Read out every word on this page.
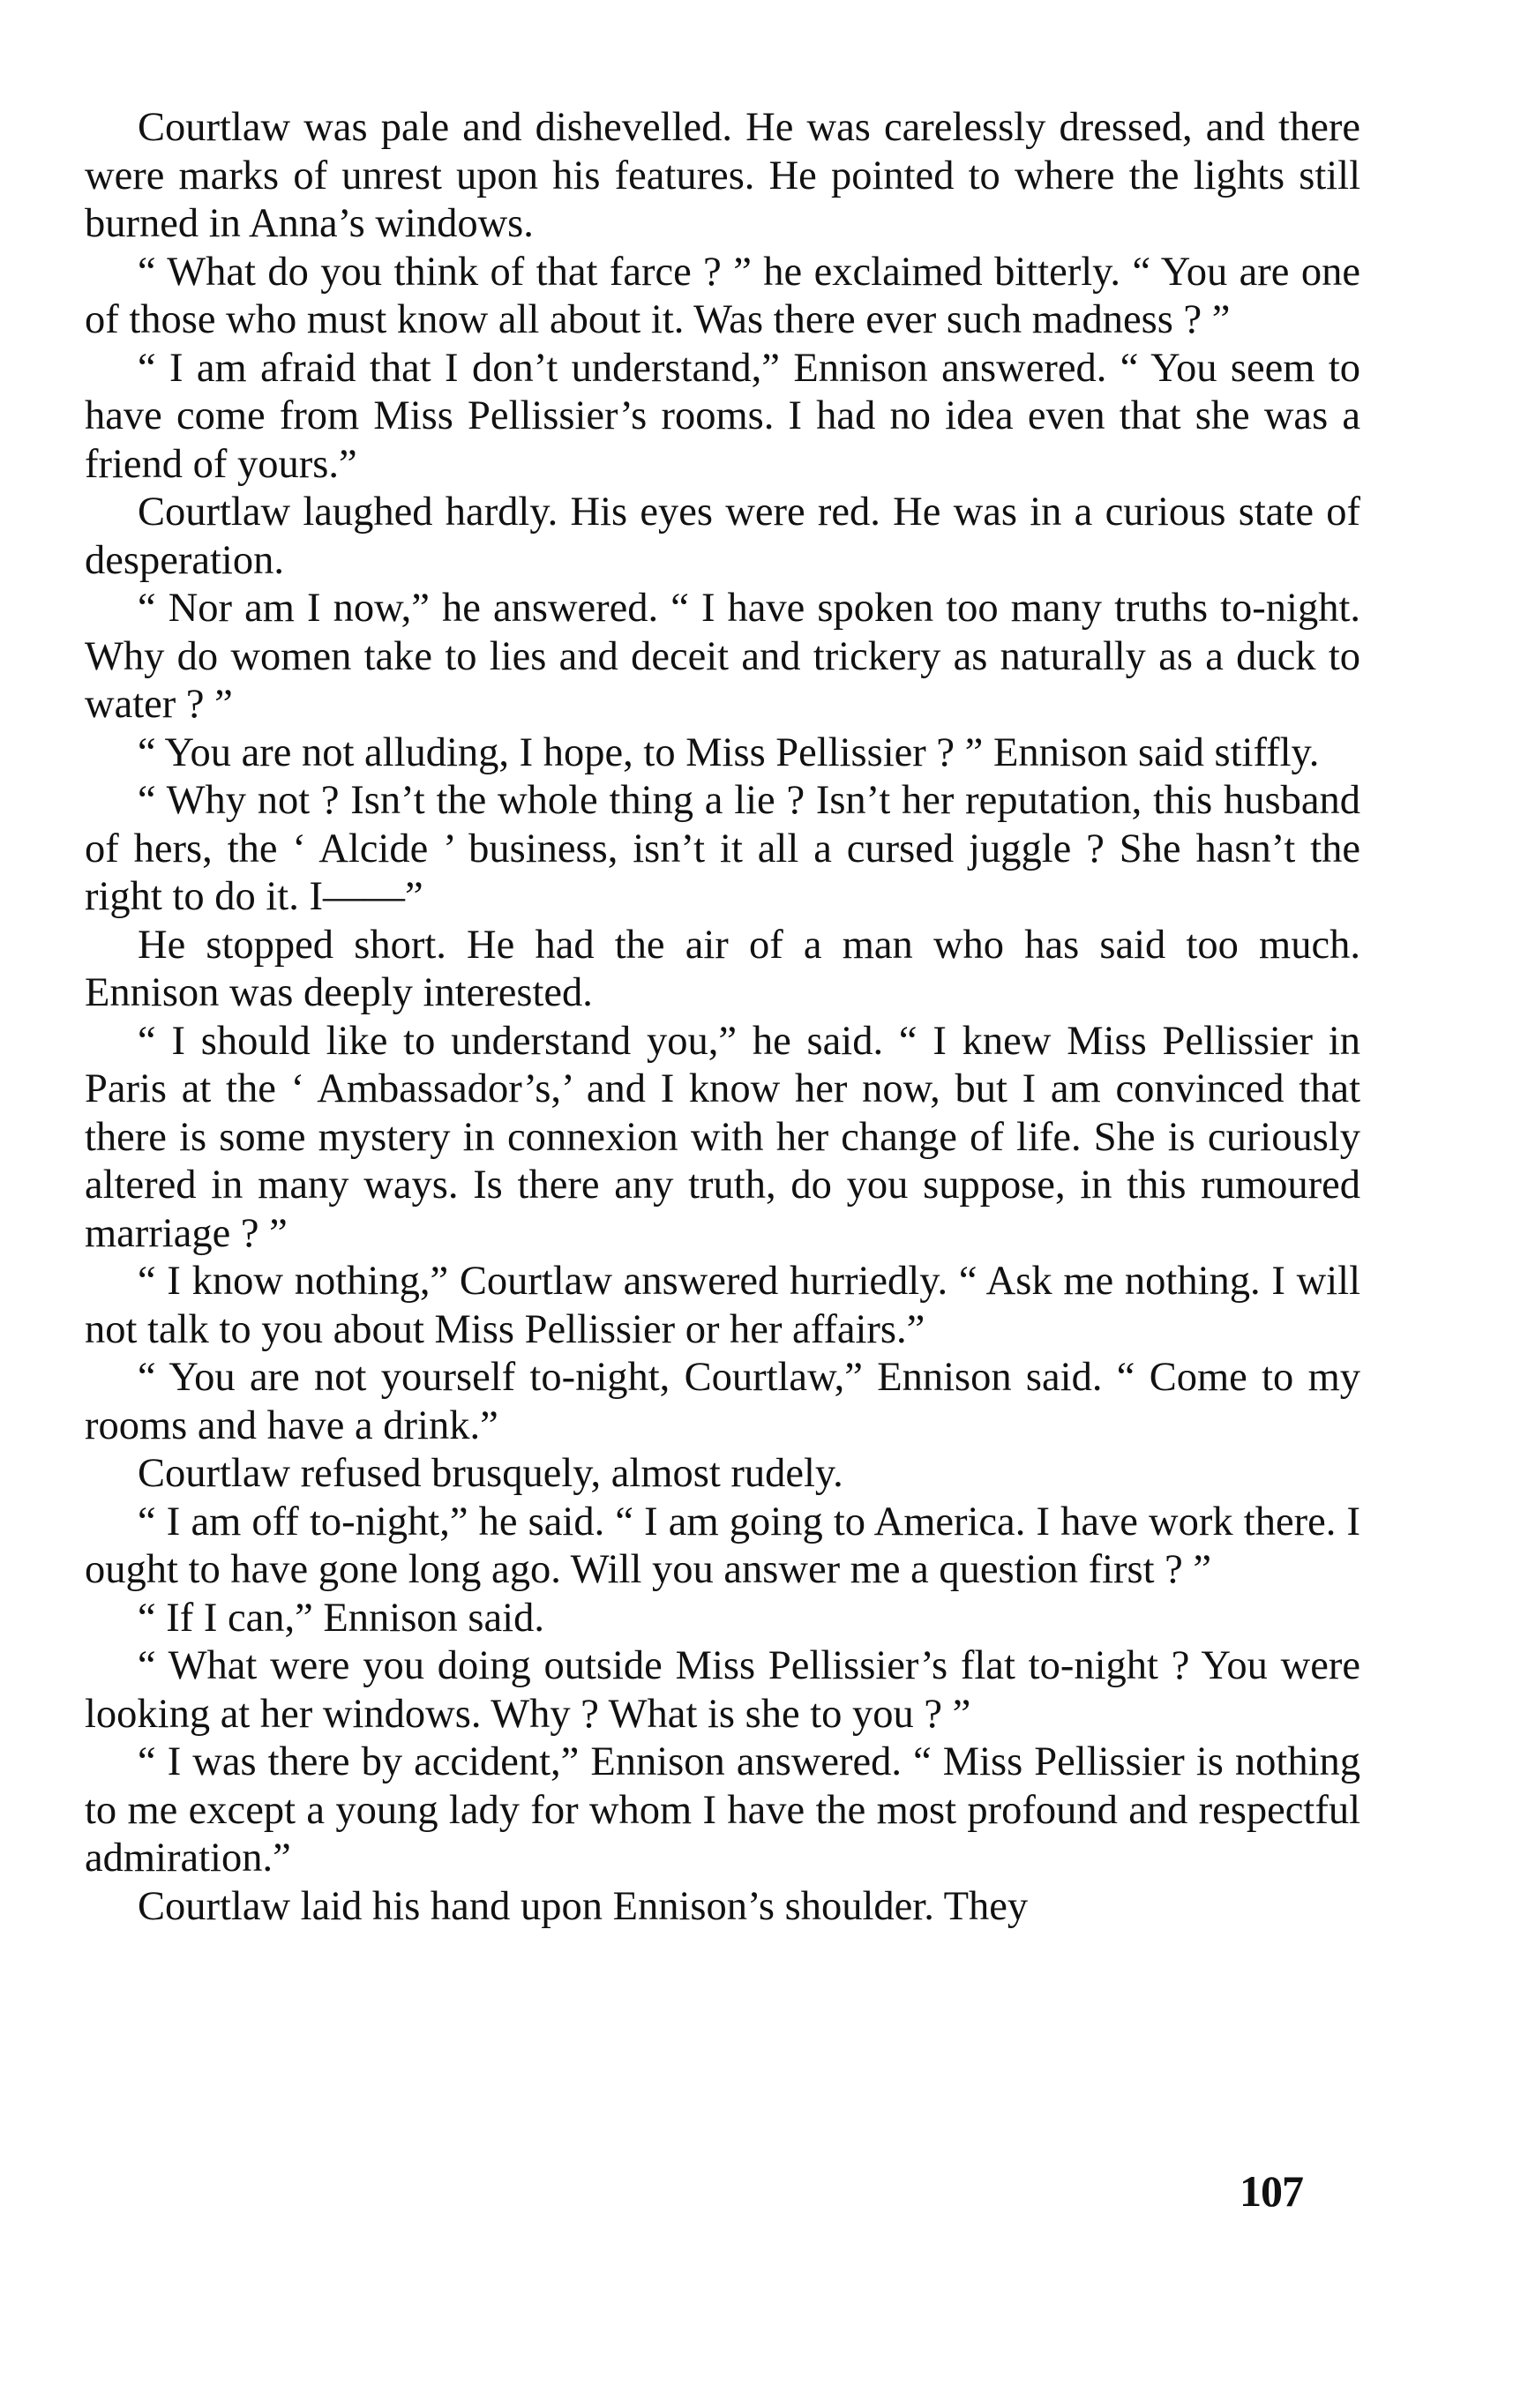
Courtlaw was pale and dishevelled. He was carelessly dressed, and there were marks of unrest upon his features. He pointed to where the lights still burned in Anna’s windows.

“ What do you think of that farce ? ” he exclaimed bitterly. “ You are one of those who must know all about it. Was there ever such madness ? ”

“ I am afraid that I don’t understand,” Ennison answered. “ You seem to have come from Miss Pellissier’s rooms. I had no idea even that she was a friend of yours.”

Courtlaw laughed hardly. His eyes were red. He was in a curious state of desperation.

“ Nor am I now,” he answered. “ I have spoken too many truths to-night. Why do women take to lies and deceit and trickery as naturally as a duck to water ? ”

“ You are not alluding, I hope, to Miss Pellissier ? ” Ennison said stiffly.

“ Why not ? Isn’t the whole thing a lie ? Isn’t her reputation, this husband of hers, the ‘ Alcide ’ business, isn’t it all a cursed juggle ? She hasn’t the right to do it. I——”

He stopped short. He had the air of a man who has said too much. Ennison was deeply interested.

“ I should like to understand you,” he said. “ I knew Miss Pellissier in Paris at the ‘ Ambassador’s,’ and I know her now, but I am convinced that there is some mystery in connexion with her change of life. She is curiously altered in many ways. Is there any truth, do you suppose, in this rumoured marriage ? ”

“ I know nothing,” Courtlaw answered hurriedly. “ Ask me nothing. I will not talk to you about Miss Pellissier or her affairs.”

“ You are not yourself to-night, Courtlaw,” Ennison said. “ Come to my rooms and have a drink.”

Courtlaw refused brusquely, almost rudely.

“ I am off to-night,” he said. “ I am going to America. I have work there. I ought to have gone long ago. Will you answer me a question first ? ”

“ If I can,” Ennison said.

“ What were you doing outside Miss Pellissier’s flat to-night ? You were looking at her windows. Why ? What is she to you ? ”

“ I was there by accident,” Ennison answered. “ Miss Pellissier is nothing to me except a young lady for whom I have the most profound and respectful admiration.”

Courtlaw laid his hand upon Ennison’s shoulder. They

107
